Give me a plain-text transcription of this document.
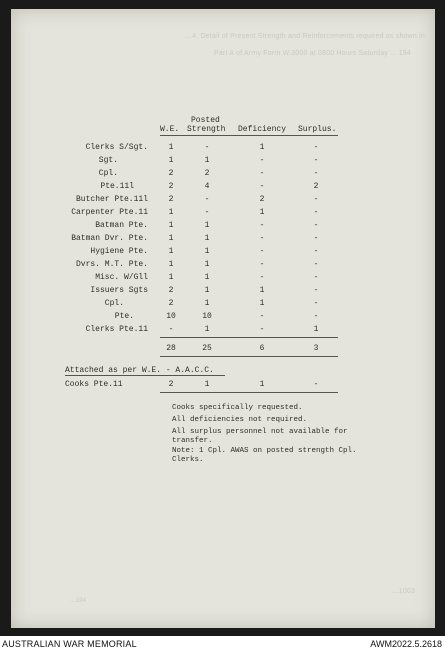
...4. Detail of Present Strength and Reinforcements required as shown in
Part A of Army Form W.3008 at 0800 Hours Saturday ... 194
...194
...1003
Posted
W.E. Strength Deficiency Surplus.
Clerks S/Sgt.	1	-	1	-
Sgt.	1	1	-	-
Cpl.	2	2	-	-
Pte.11l	2	4	-	2
Butcher Pte.11l	2	-	2	-
Carpenter Pte.11	1	-	1	-
Batman Pte.	1	1	-	-
Batman Dvr. Pte.	1	1	-	-
Hygiene Pte.	1	1	-	-
Dvrs. M.T. Pte.	1	1	-	-
Misc. W/Gll	1	1	-	-
Issuers Sgts	2	1	1	-
Cpl.	2	1	1	-
Pte.	10	10	-	-
Clerks Pte.11	-	1	-	1
28	25	6	3
Attached as per W.E. - A.A.C.C.
Cooks Pte.11	2	1	1	-
Cooks specifically requested.
All deficiencies not required.
All surplus personnel not available for transfer.
Note: 1 Cpl. AWAS on posted strength Cpl. Clerks.
AUSTRALIAN WAR MEMORIAL	AWM2022.5.2618
